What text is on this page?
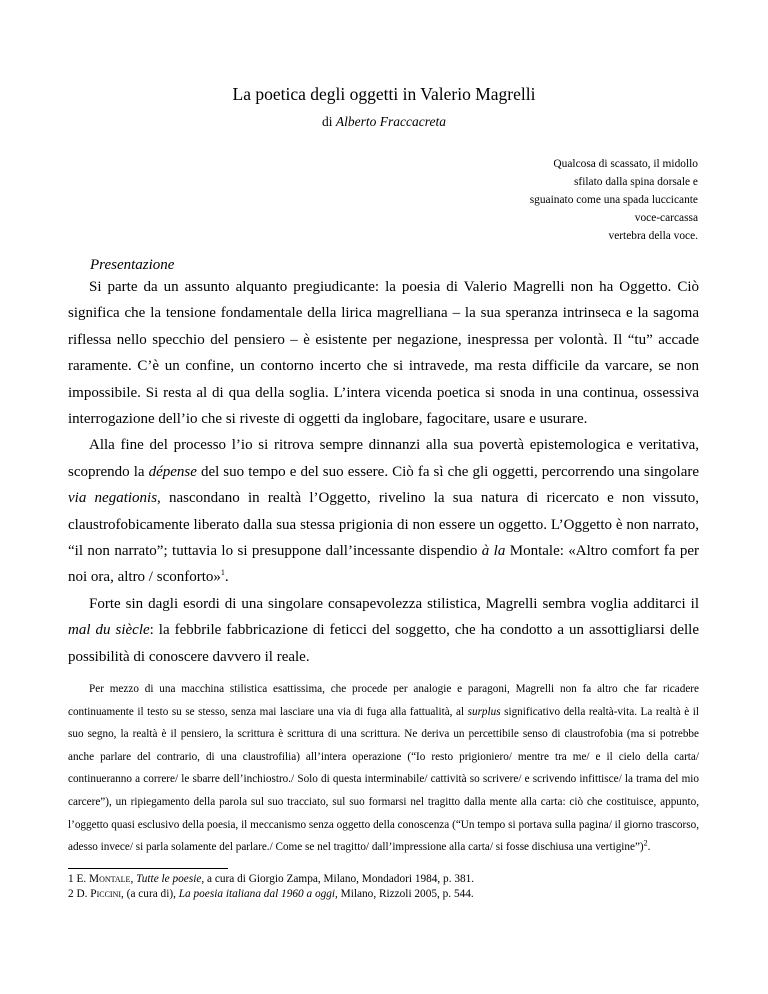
La poetica degli oggetti in Valerio Magrelli
di Alberto Fraccacreta
Qualcosa di scassato, il midollo
sfilato dalla spina dorsale e
sguainato come una spada luccicante
voce-carcassa
vertebra della voce.
Presentazione

Si parte da un assunto alquanto pregiudicante: la poesia di Valerio Magrelli non ha Oggetto. Ciò significa che la tensione fondamentale della lirica magrelliana – la sua speranza intrinseca e la sagoma riflessa nello specchio del pensiero – è esistente per negazione, inespressa per volontà. Il “tu” accade raramente. C’è un confine, un contorno incerto che si intravede, ma resta difficile da varcare, se non impossibile. Si resta al di qua della soglia. L’intera vicenda poetica si snoda in una continua, ossessiva interrogazione dell’io che si riveste di oggetti da inglobare, fagocitare, usare e usurare.

Alla fine del processo l’io si ritrova sempre dinnanzi alla sua povertà epistemologica e veritativa, scoprendo la dépense del suo tempo e del suo essere. Ciò fa sì che gli oggetti, percorrendo una singolare via negationis, nascondano in realtà l’Oggetto, rivelino la sua natura di ricercato e non vissuto, claustrofobicamente liberato dalla sua stessa prigionia di non essere un oggetto. L’Oggetto è non narrato, “il non narrato”; tuttavia lo si presuppone dall’incessante dispendio à la Montale: «Altro comfort fa per noi ora, altro / sconforto»$^1$.

Forte sin dagli esordi di una singolare consapevolezza stilistica, Magrelli sembra voglia additarci il mal du siècle: la febbrile fabbricazione di feticci del soggetto, che ha condotto a un assottigliarsi delle possibilità di conoscere davvero il reale.

Per mezzo di una macchina stilistica esattissima, che procede per analogie e paragoni, Magrelli non fa altro che far ricadere continuamente il testo su se stesso, senza mai lasciare una via di fuga alla fattualità, al surplus significativo della realtà-vita. La realtà è il suo segno, la realtà è il pensiero, la scrittura è scrittura di una scrittura. Ne deriva un percettibile senso di claustrofobia (ma si potrebbe anche parlare del contrario, di una claustrofilia) all’intera operazione (“Io resto prigioniero/ mentre tra me/ e il cielo della carta/ continueranno a correre/ le sbarre dell’inchiostro./ Solo di questa interminabile/ cattività so scrivere/ e scrivendo infittisce/ la trama del mio carcere”), un ripiegamento della parola sul suo tracciato, sul suo formarsi nel tragitto dalla mente alla carta: ciò che costituisce, appunto, l’oggetto quasi esclusivo della poesia, il meccanismo senza oggetto della conoscenza (“Un tempo si portava sulla pagina/ il giorno trascorso, adesso invece/ si parla solamente del parlare./ Come se nel tragitto/ dall’impressione alla carta/ si fosse dischiusa una vertigine”)$^2$.

1 E. Montale, Tutte le poesie, a cura di Giorgio Zampa, Milano, Mondadori 1984, p. 381.
2 D. Piccini, (a cura di), La poesia italiana dal 1960 a oggi, Milano, Rizzoli 2005, p. 544.
